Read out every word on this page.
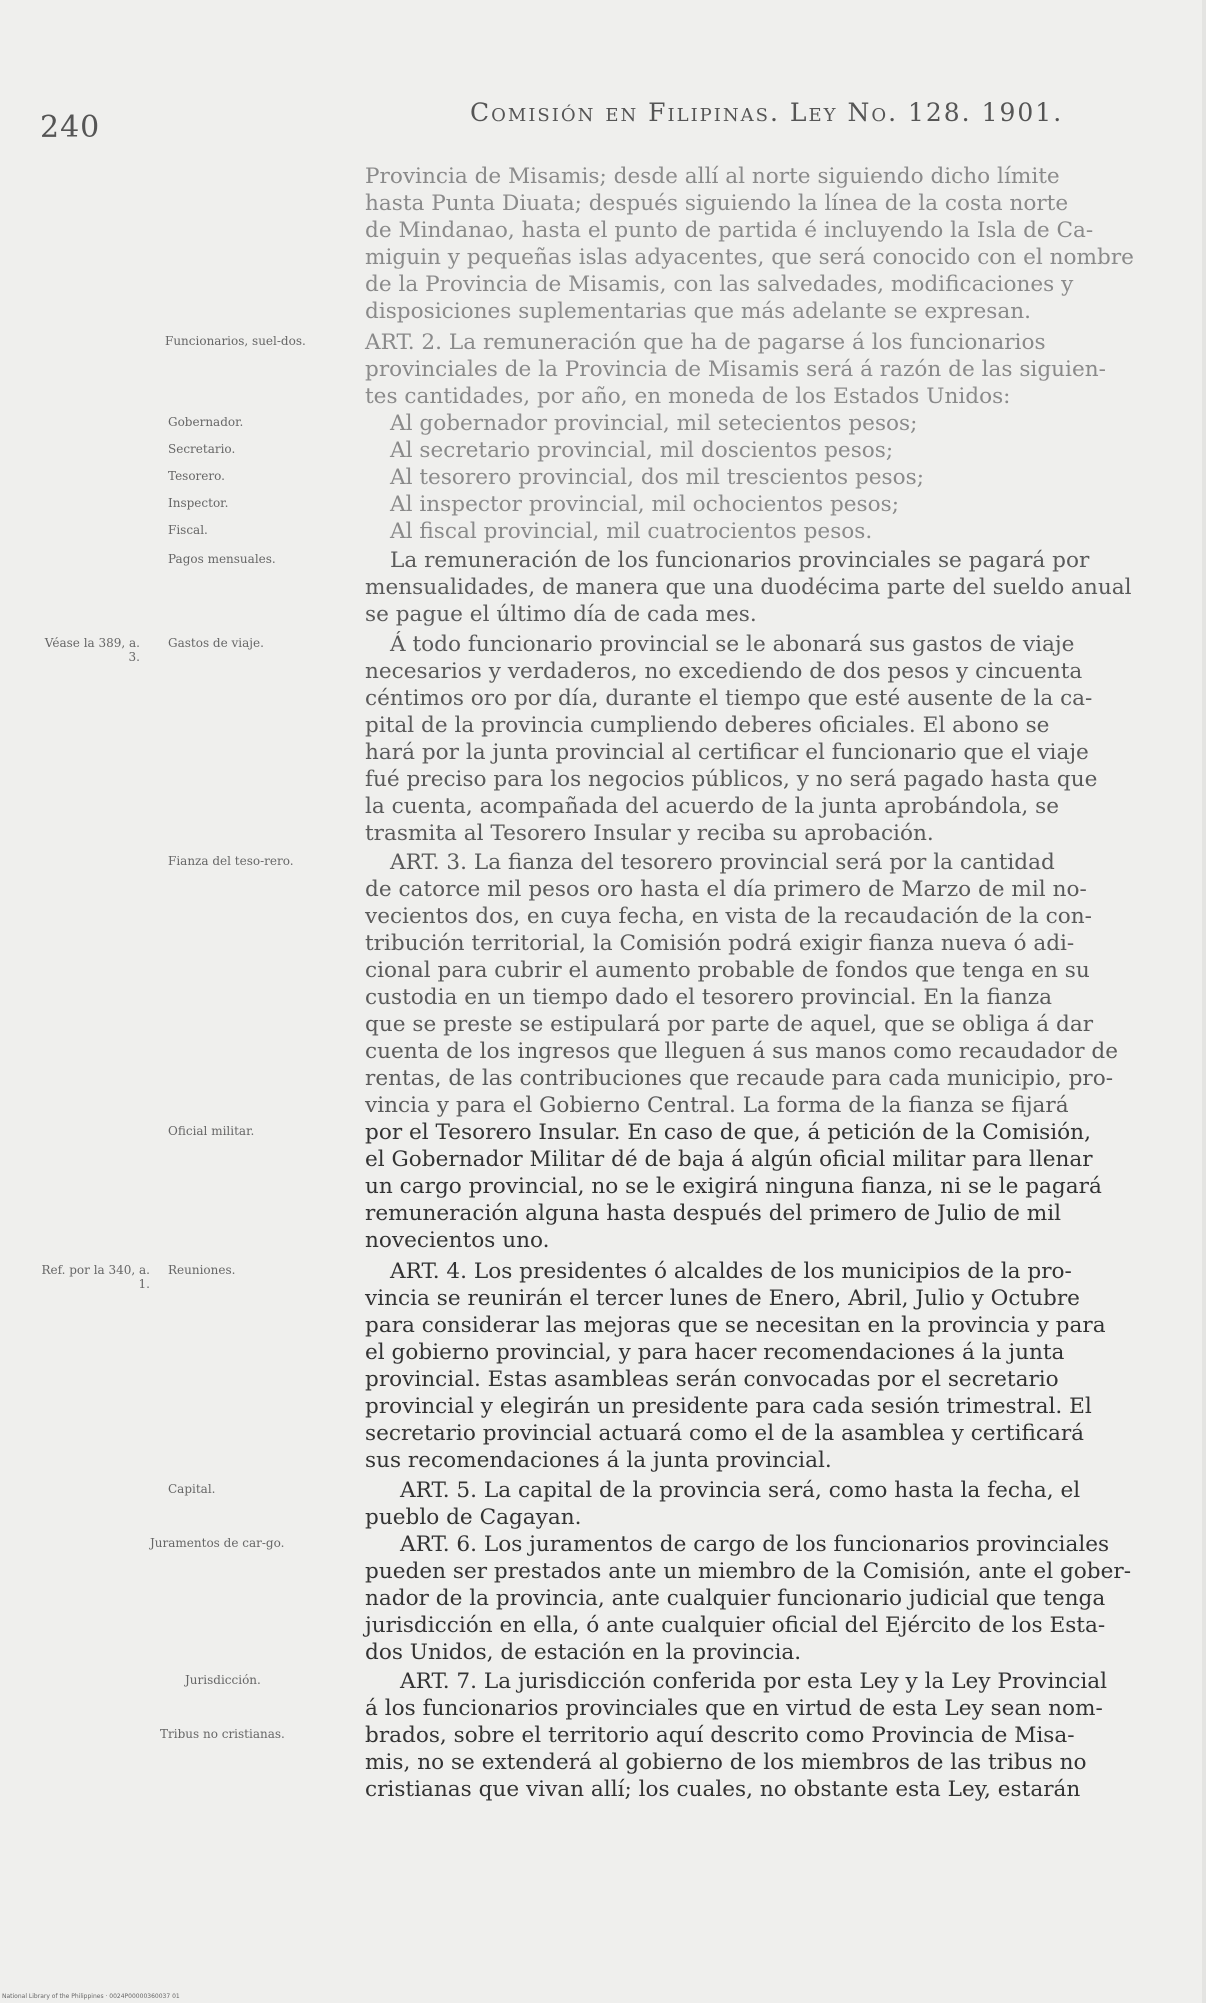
240	Comisión en Filipinas. Ley No. 128. 1901.
Provincia de Misamis; desde allí al norte siguiendo dicho límite
hasta Punta Diuata; después siguiendo la línea de la costa norte
de Mindanao, hasta el punto de partida é incluyendo la Isla de Ca-
miguin y pequeñas islas adyacentes, que será conocido con el nombre
de la Provincia de Misamis, con las salvedades, modificaciones y
disposiciones suplementarias que más adelante se expresan.
ART. 2. La remuneración que ha de pagarse á los funcionarios
provinciales de la Provincia de Misamis será á razón de las siguien-
tes cantidades, por año, en moneda de los Estados Unidos:
Al gobernador provincial, mil setecientos pesos;
Al secretario provincial, mil doscientos pesos;
Al tesorero provincial, dos mil trescientos pesos;
Al inspector provincial, mil ochocientos pesos;
Al fiscal provincial, mil cuatrocientos pesos.
La remuneración de los funcionarios provinciales se pagará por
mensualidades, de manera que una duodécima parte del sueldo anual
se pague el último día de cada mes.
Á todo funcionario provincial se le abonará sus gastos de viaje
necesarios y verdaderos, no excediendo de dos pesos y cincuenta
céntimos oro por día, durante el tiempo que esté ausente de la ca-
pital de la provincia cumpliendo deberes oficiales. El abono se
hará por la junta provincial al certificar el funcionario que el viaje
fué preciso para los negocios públicos, y no será pagado hasta que
la cuenta, acompañada del acuerdo de la junta aprobándola, se
trasmita al Tesorero Insular y reciba su aprobación.
ART. 3. La fianza del tesorero provincial será por la cantidad
de catorce mil pesos oro hasta el día primero de Marzo de mil no-
vecientos dos, en cuya fecha, en vista de la recaudación de la con-
tribución territorial, la Comisión podrá exigir fianza nueva ó adi-
cional para cubrir el aumento probable de fondos que tenga en su
custodia en un tiempo dado el tesorero provincial. En la fianza
que se preste se estipulará por parte de aquel, que se obliga á dar
cuenta de los ingresos que lleguen á sus manos como recaudador de
rentas, de las contribuciones que recaude para cada municipio, pro-
vincia y para el Gobierno Central. La forma de la fianza se fijará
por el Tesorero Insular. En caso de que, á petición de la Comisión,
el Gobernador Militar dé de baja á algún oficial militar para llenar
un cargo provincial, no se le exigirá ninguna fianza, ni se le pagará
remuneración alguna hasta después del primero de Julio de mil
novecientos uno.
ART. 4. Los presidentes ó alcaldes de los municipios de la pro-
vincia se reunirán el tercer lunes de Enero, Abril, Julio y Octubre
para considerar las mejoras que se necesitan en la provincia y para
el gobierno provincial, y para hacer recomendaciones á la junta
provincial. Estas asambleas serán convocadas por el secretario
provincial y elegirán un presidente para cada sesión trimestral. El
secretario provincial actuará como el de la asamblea y certificará
sus recomendaciones á la junta provincial.
ART. 5. La capital de la provincia será, como hasta la fecha, el
pueblo de Cagayan.
ART. 6. Los juramentos de cargo de los funcionarios provinciales
pueden ser prestados ante un miembro de la Comisión, ante el gober-
nador de la provincia, ante cualquier funcionario judicial que tenga
jurisdicción en ella, ó ante cualquier oficial del Ejército de los Esta-
dos Unidos, de estación en la provincia.
ART. 7. La jurisdicción conferida por esta Ley y la Ley Provincial
á los funcionarios provinciales que en virtud de esta Ley sean nom-
brados, sobre el territorio aquí descrito como Provincia de Misa-
mis, no se extenderá al gobierno de los miembros de las tribus no
cristianas que vivan allí; los cuales, no obstante esta Ley, estarán
Funcionarios, suel-dos.
Gobernador.
Secretario.
Tesorero.
Inspector.
Fiscal.
Pagos mensuales.
Gastos de viaje.
Fianza del teso-rero.
Oficial militar.
Reuniones.
Capital.
Juramentos de car-go.
Jurisdicción.
Tribus no cristianas.
Véase la 389, a. 3.
Ref. por la 340, a. 1.
National Library of the Philippines · 0024P00000360037 01
